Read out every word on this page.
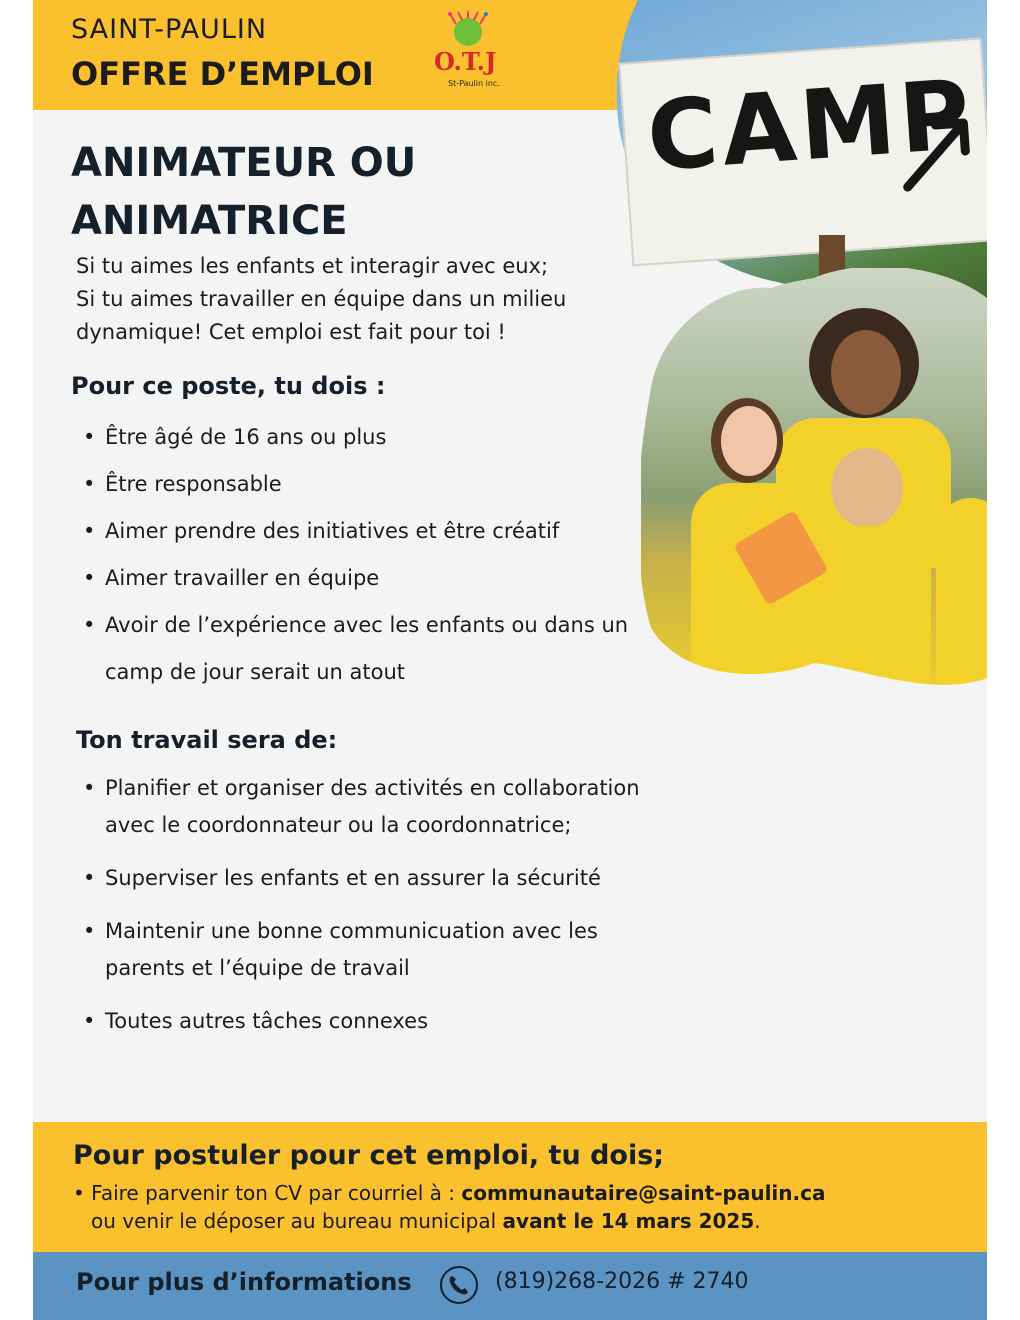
SAINT-PAULIN
OFFRE D’EMPLOI	O.T.J
St-Paulin inc. CAMP
ANIMATEUR OU
ANIMATRICE
Si tu aimes les enfants et interagir avec eux;
Si tu aimes travailler en équipe dans un milieu
dynamique! Cet emploi est fait pour toi !
Pour ce poste, tu dois :
• Être âgé de 16 ans ou plus
• Être responsable
• Aimer prendre des initiatives et être créatif
• Aimer travailler en équipe
• Avoir de l’expérience avec les enfants ou dans un camp de jour serait un atout
Ton travail sera de:
• Planifier et organiser des activités en collaboration avec le coordonnateur ou la coordonnatrice;
• Superviser les enfants et en assurer la sécurité
• Maintenir une bonne communicuation avec les parents et l’équipe de travail
• Toutes autres tâches connexes
Pour postuler pour cet emploi, tu dois;
• Faire parvenir ton CV par courriel à : communautaire@saint-paulin.ca
ou venir le déposer au bureau municipal avant le 14 mars 2025.
Pour plus d’informations	(819)268-2026 # 2740
